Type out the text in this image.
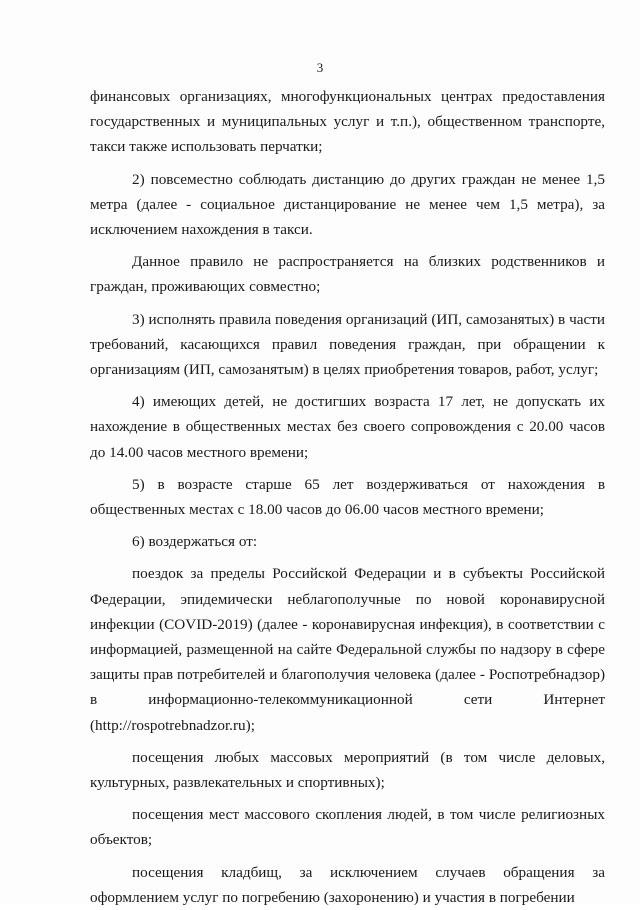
3

финансовых организациях, многофункциональных центрах предоставления государственных и муниципальных услуг и т.п.), общественном транспорте, такси также использовать перчатки;

2) повсеместно соблюдать дистанцию до других граждан не менее 1,5 метра (далее - социальное дистанцирование не менее чем 1,5 метра), за исключением нахождения в такси.

Данное правило не распространяется на близких родственников и граждан, проживающих совместно;

3) исполнять правила поведения организаций (ИП, самозанятых) в части требований, касающихся правил поведения граждан, при обращении к организациям (ИП, самозанятым) в целях приобретения товаров, работ, услуг;

4) имеющих детей, не достигших возраста 17 лет, не допускать их нахождение в общественных местах без своего сопровождения с 20.00 часов до 14.00 часов местного времени;

5) в возрасте старше 65 лет воздерживаться от нахождения в общественных местах с 18.00 часов до 06.00 часов местного времени;

6) воздержаться от:

поездок за пределы Российской Федерации и в субъекты Российской Федерации, эпидемически неблагополучные по новой коронавирусной инфекции (COVID-2019) (далее - коронавирусная инфекция), в соответствии с информацией, размещенной на сайте Федеральной службы по надзору в сфере защиты прав потребителей и благополучия человека (далее - Роспотребнадзор) в информационно-телекоммуникационной сети Интернет (http://rospotrebnadzor.ru);

посещения любых массовых мероприятий (в том числе деловых, культурных, развлекательных и спортивных);

посещения мест массового скопления людей, в том числе религиозных объектов;

посещения кладбищ, за исключением случаев обращения за оформлением услуг по погребению (захоронению) и участия в погребении
